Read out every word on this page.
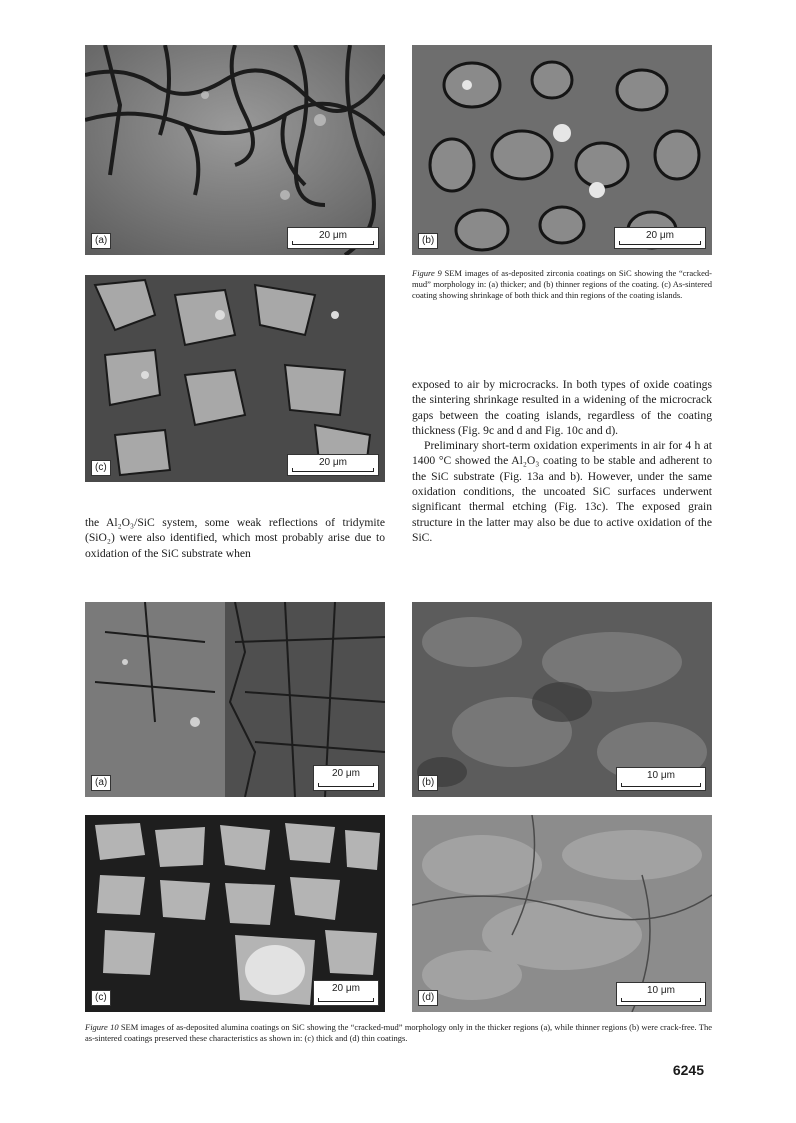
(a)	20 μm	(b)	20 μm
(c)	20 μm
Figure 9 SEM images of as-deposited zirconia coatings on SiC showing the “cracked-mud” morphology in: (a) thicker; and (b) thinner regions of the coating. (c) As-sintered coating showing shrinkage of both thick and thin regions of the coating islands.

the Al₂O₃/SiC system, some weak reflections of tridymite (SiO₂) were also identified, which most probably arise due to oxidation of the SiC substrate when

exposed to air by microcracks. In both types of oxide coatings the sintering shrinkage resulted in a widening of the microcrack gaps between the coating islands, regardless of the coating thickness (Fig. 9c and d and Fig. 10c and d).

Preliminary short-term oxidation experiments in air for 4 h at 1400 °C showed the Al₂O₃ coating to be stable and adherent to the SiC substrate (Fig. 13a and b). However, under the same oxidation conditions, the uncoated SiC surfaces underwent significant thermal etching (Fig. 13c). The exposed grain structure in the latter may also be due to active oxidation of the SiC.

(a)
20 μm
(b)
10 μm
(c)
20 μm
(d)
10 μm
Figure 10 SEM images of as-deposited alumina coatings on SiC showing the “cracked-mud” morphology only in the thicker regions (a), while thinner regions (b) were crack-free. The as-sintered coatings preserved these characteristics as shown in: (c) thick and (d) thin coatings.
6245
